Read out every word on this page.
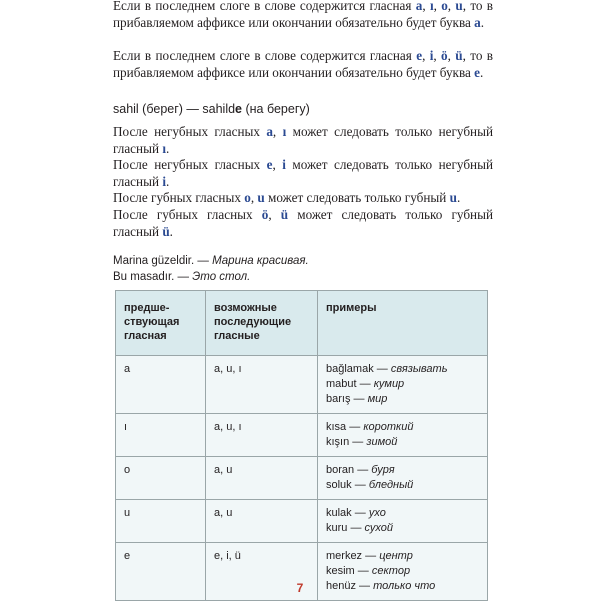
Если в последнем слоге в слове содержится гласная a, ı, o, u, то в прибавляемом аффиксе или окончании обязательно будет буква a.
Если в последнем слоге в слове содержится гласная e, i, ö, ü, то в прибавляемом аффиксе или окончании обязательно будет буква e.
sahil (берег) — sahilde (на берегу)
После негубных гласных a, ı может следовать только негубный гласный ı.
После негубных гласных e, i может следовать только негубный гласный i.
После губных гласных o, u может следовать только губный u.
После губных гласных ö, ü может следовать только губный гласный ü.
Marina güzeldir. — Марина красивая.
Bu masadır. — Это стол.
предше-ствующая гласная	возможные последующие гласные	примеры
a	a, u, ı	bağlamak — связывать
mabut — кумир
barış — мир

ı	a, u, ı	kısa — короткий
kışın — зимой

o	a, u	boran — буря
soluk — бледный

u	a, u	kulak — ухо
kuru — сухой

e	e, i, ü	merkez — центр
kesim — сектор
henüz — только что
7
